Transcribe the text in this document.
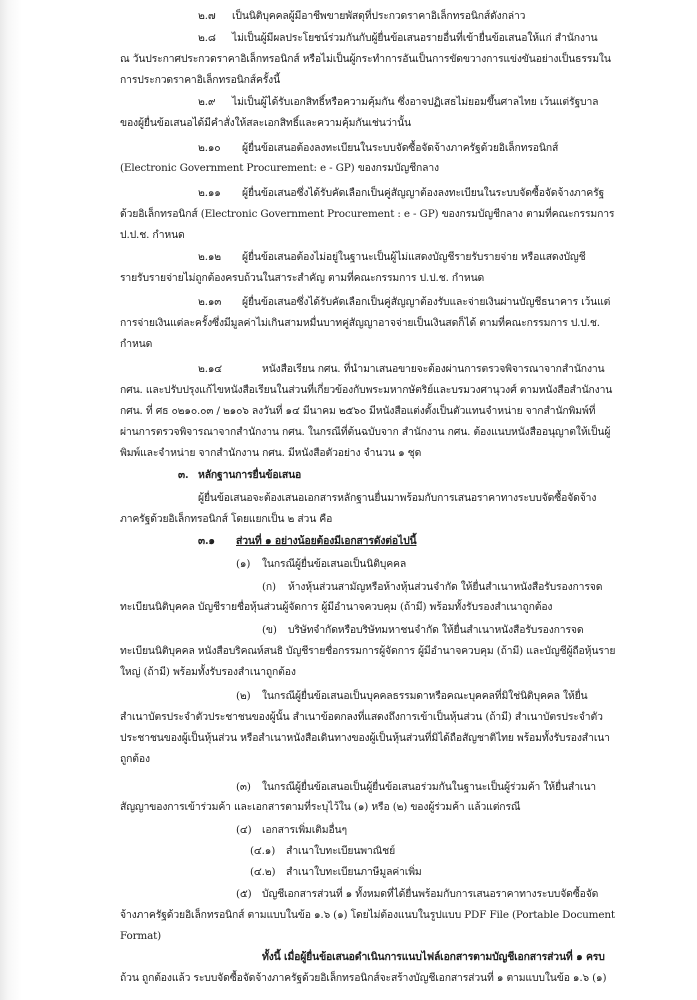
๒.๗ เป็นนิติบุคคลผู้มีอาชีพขายพัสดุที่ประกวดราคาอิเล็กทรอนิกส์ดังกล่าว
๒.๘ ไม่เป็นผู้มีผลประโยชน์ร่วมกันกับผู้ยื่นข้อเสนอรายอื่นที่เข้ายื่นข้อเสนอให้แก่ สำนักงาน
ณ วันประกาศประกวดราคาอิเล็กทรอนิกส์ หรือไม่เป็นผู้กระทำการอันเป็นการขัดขวางการแข่งขันอย่างเป็นธรรมใน
การประกวดราคาอิเล็กทรอนิกส์ครั้งนี้
๒.๙ ไม่เป็นผู้ได้รับเอกสิทธิ์หรือความคุ้มกัน ซึ่งอาจปฏิเสธไม่ยอมขึ้นศาลไทย เว้นแต่รัฐบาล
ของผู้ยื่นข้อเสนอได้มีคำสั่งให้สละเอกสิทธิ์และความคุ้มกันเช่นว่านั้น
๒.๑๐ ผู้ยื่นข้อเสนอต้องลงทะเบียนในระบบจัดซื้อจัดจ้างภาครัฐด้วยอิเล็กทรอนิกส์
(Electronic Government Procurement: e - GP) ของกรมบัญชีกลาง
๒.๑๑ ผู้ยื่นข้อเสนอซึ่งได้รับคัดเลือกเป็นคู่สัญญาต้องลงทะเบียนในระบบจัดซื้อจัดจ้างภาครัฐ
ด้วยอิเล็กทรอนิกส์ (Electronic Government Procurement : e - GP) ของกรมบัญชีกลาง ตามที่คณะกรรมการ
ป.ป.ช. กำหนด
๒.๑๒ ผู้ยื่นข้อเสนอต้องไม่อยู่ในฐานะเป็นผู้ไม่แสดงบัญชีรายรับรายจ่าย หรือแสดงบัญชี
รายรับรายจ่ายไม่ถูกต้องครบถ้วนในสาระสำคัญ ตามที่คณะกรรมการ ป.ป.ช. กำหนด
๒.๑๓ ผู้ยื่นข้อเสนอซึ่งได้รับคัดเลือกเป็นคู่สัญญาต้องรับและจ่ายเงินผ่านบัญชีธนาคาร เว้นแต่
การจ่ายเงินแต่ละครั้งซึ่งมีมูลค่าไม่เกินสามหมื่นบาทคู่สัญญาอาจจ่ายเป็นเงินสดก็ได้ ตามที่คณะกรรมการ ป.ป.ช.
กำหนด
๒.๑๔	หนังสือเรียน กศน. ที่นำมาเสนอขายจะต้องผ่านการตรวจพิจารณาจากสำนักงาน
กศน. และปรับปรุงแก้ไขหนังสือเรียนในส่วนที่เกี่ยวข้องกับพระมหากษัตริย์และบรมวงศานุวงศ์ ตามหนังสือสำนักงาน
กศน. ที่ ศธ ๐๒๑๐.๐๓ / ๒๑๐๖ ลงวันที่ ๑๔ มีนาคม ๒๕๖๐ มีหนังสือแต่งตั้งเป็นตัวแทนจำหน่าย จากสำนักพิมพ์ที่
ผ่านการตรวจพิจารณาจากสำนักงาน กศน. ในกรณีที่ต้นฉบับจาก สำนักงาน กศน. ต้องแนบหนังสืออนุญาตให้เป็นผู้
พิมพ์และจำหน่าย จากสำนักงาน กศน. มีหนังสือตัวอย่าง จำนวน ๑ ชุด
๓. หลักฐานการยื่นข้อเสนอ
ผู้ยื่นข้อเสนอจะต้องเสนอเอกสารหลักฐานยื่นมาพร้อมกับการเสนอราคาทางระบบจัดซื้อจัดจ้าง
ภาครัฐด้วยอิเล็กทรอนิกส์ โดยแยกเป็น ๒ ส่วน คือ
๓.๑ ส่วนที่ ๑ อย่างน้อยต้องมีเอกสารดังต่อไปนี้
(๑) ในกรณีผู้ยื่นข้อเสนอเป็นนิติบุคคล
(ก) ห้างหุ้นส่วนสามัญหรือห้างหุ้นส่วนจำกัด ให้ยื่นสำเนาหนังสือรับรองการจด
ทะเบียนนิติบุคคล บัญชีรายชื่อหุ้นส่วนผู้จัดการ ผู้มีอำนาจควบคุม (ถ้ามี) พร้อมทั้งรับรองสำเนาถูกต้อง
(ข) บริษัทจำกัดหรือบริษัทมหาชนจำกัด ให้ยื่นสำเนาหนังสือรับรองการจด
ทะเบียนนิติบุคคล หนังสือบริคณห์สนธิ บัญชีรายชื่อกรรมการผู้จัดการ ผู้มีอำนาจควบคุม (ถ้ามี) และบัญชีผู้ถือหุ้นราย
ใหญ่ (ถ้ามี) พร้อมทั้งรับรองสำเนาถูกต้อง
(๒) ในกรณีผู้ยื่นข้อเสนอเป็นบุคคลธรรมดาหรือคณะบุคคลที่มิใช่นิติบุคคล ให้ยื่น
สำเนาบัตรประจำตัวประชาชนของผู้นั้น สำเนาข้อตกลงที่แสดงถึงการเข้าเป็นหุ้นส่วน (ถ้ามี) สำเนาบัตรประจำตัว
ประชาชนของผู้เป็นหุ้นส่วน หรือสำเนาหนังสือเดินทางของผู้เป็นหุ้นส่วนที่มิได้ถือสัญชาติไทย พร้อมทั้งรับรองสำเนา
ถูกต้อง
(๓) ในกรณีผู้ยื่นข้อเสนอเป็นผู้ยื่นข้อเสนอร่วมกันในฐานะเป็นผู้ร่วมค้า ให้ยื่นสำเนา
สัญญาของการเข้าร่วมค้า และเอกสารตามที่ระบุไว้ใน (๑) หรือ (๒) ของผู้ร่วมค้า แล้วแต่กรณี
(๔) เอกสารเพิ่มเติมอื่นๆ
(๔.๑) สำเนาใบทะเบียนพาณิชย์
(๔.๒) สำเนาใบทะเบียนภาษีมูลค่าเพิ่ม
(๕) บัญชีเอกสารส่วนที่ ๑ ทั้งหมดที่ได้ยื่นพร้อมกับการเสนอราคาทางระบบจัดซื้อจัด
จ้างภาครัฐด้วยอิเล็กทรอนิกส์ ตามแบบในข้อ ๑.๖ (๑) โดยไม่ต้องแนบในรูปแบบ PDF File (Portable Document
Format)
ทั้งนี้ เมื่อผู้ยื่นข้อเสนอดำเนินการแนบไฟล์เอกสารตามบัญชีเอกสารส่วนที่ ๑ ครบ
ถ้วน ถูกต้องแล้ว ระบบจัดซื้อจัดจ้างภาครัฐด้วยอิเล็กทรอนิกส์จะสร้างบัญชีเอกสารส่วนที่ ๑ ตามแบบในข้อ ๑.๖ (๑)
